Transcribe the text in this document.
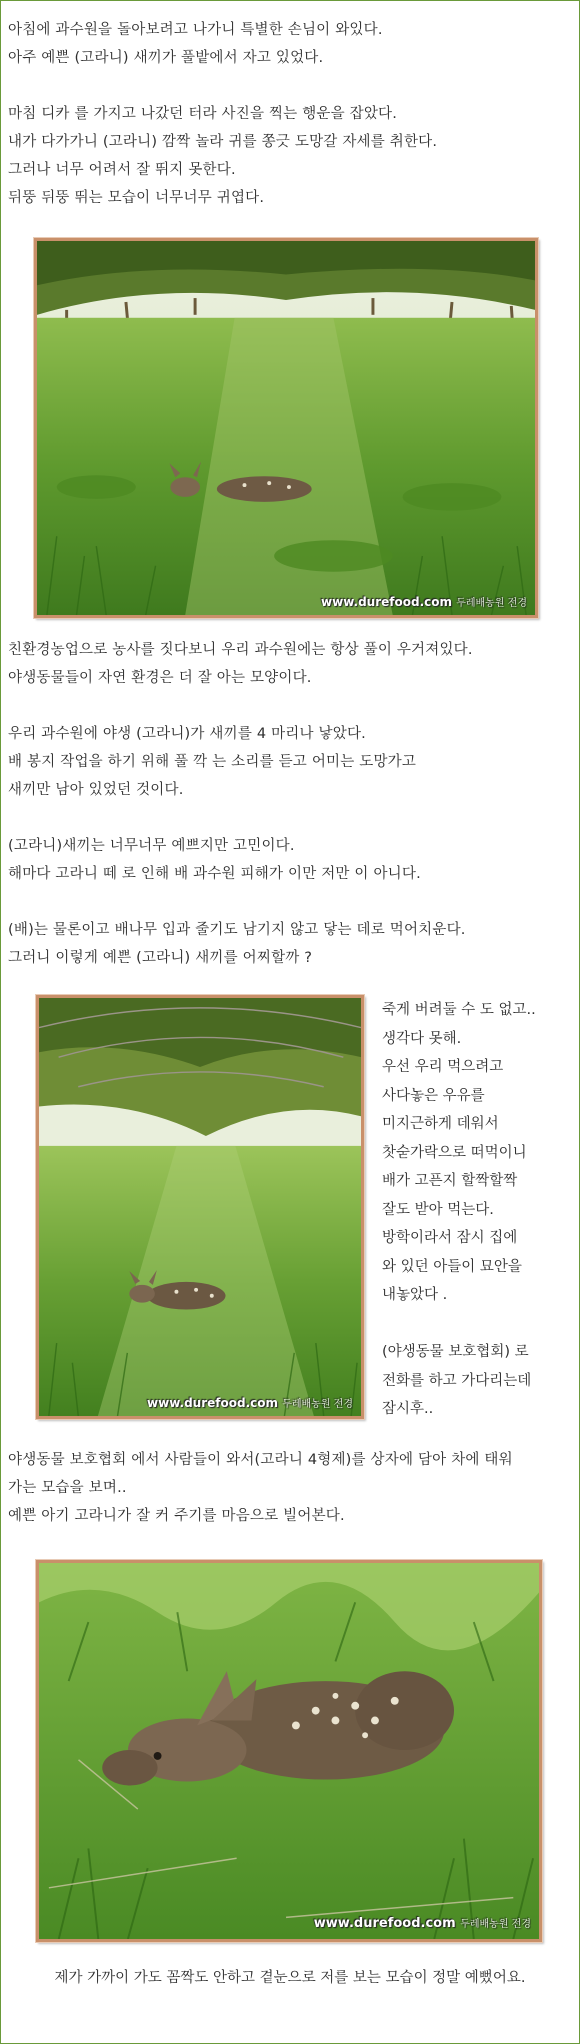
아침에 과수원을 돌아보려고 나가니 특별한 손님이 와있다.
아주 예쁜 (고라니) 새끼가 풀밭에서 자고 있었다.
마침 디카 를 가지고 나갔던 터라 사진을 찍는 행운을 잡았다.
내가 다가가니 (고라니) 깜짝 놀라 귀를 쫑긋 도망갈 자세를 취한다.
그러나 너무 어려서 잘 뛰지 못한다.
뒤뚱 뒤뚱 뛰는 모습이 너무너무 귀엽다.
www.durefood.com 두레배농원 전경
친환경농업으로 농사를 짓다보니 우리 과수원에는 항상 풀이 우거져있다.
야생동물들이 자연 환경은 더 잘 아는 모양이다.
우리 과수원에 야생 (고라니)가 새끼를 4 마리나 낳았다.
배 봉지 작업을 하기 위해 풀 깍 는 소리를 듣고 어미는 도망가고
새끼만 남아 있었던 것이다.
(고라니)새끼는 너무너무 예쁘지만 고민이다.
해마다 고라니 떼 로 인해 배 과수원 피해가 이만 저만 이 아니다.
(배)는 물론이고 배나무 입과 줄기도 남기지 않고 닿는 데로 먹어치운다.
그러니 이렇게 예쁜 (고라니) 새끼를 어찌할까 ?
www.durefood.com 두레배농원 전경
죽게 버려둘 수 도 없고..
생각다 못해.
우선 우리 먹으려고
사다놓은 우유를
미지근하게 데워서
찻숟가락으로 떠먹이니
배가 고픈지 할짝할짝
잘도 받아 먹는다.
방학이라서 잠시 집에
와 있던 아들이 묘안을
내놓았다 .
(야생동물 보호협회) 로
전화를 하고 가다리는데
잠시후..
야생동물 보호협회 에서 사람들이 와서(고라니 4형제)를 상자에 담아 차에 태워
가는 모습을 보며..
예쁜 아기 고라니가 잘 커 주기를 마음으로 빌어본다.
www.durefood.com 두레배농원 전경
제가 가까이 가도 꼼짝도 안하고 곁눈으로 저를 보는 모습이 정말 예뻤어요.
